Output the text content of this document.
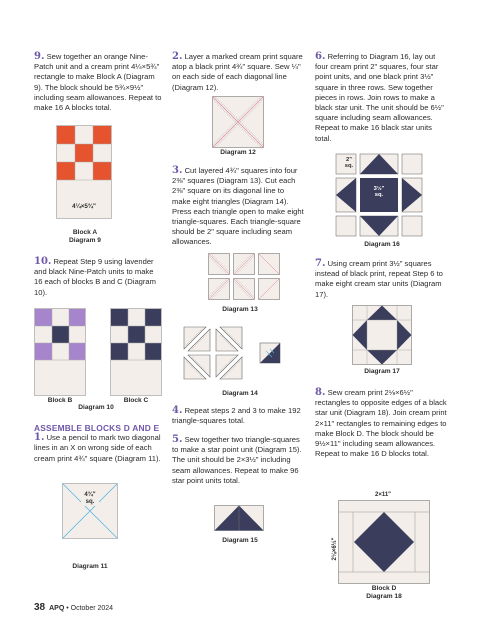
9. Sew together an orange Nine-Patch unit and a cream print 4¼×5¾" rectangle to make Block A (Diagram 9). The block should be 5¾×9½" including seam allowances. Repeat to make 16 A blocks total.

4¼×5¾"
Block A
Diagram 9

10. Repeat Step 9 using lavender and black Nine-Patch units to make 16 each of blocks B and C (Diagram 10).

Block B	Block C
Diagram 10

ASSEMBLE BLOCKS D AND E

1. Use a pencil to mark two diagonal lines in an X on wrong side of each cream print 4¾" square (Diagram 11).

4¾"
sq.
Diagram 11

2. Layer a marked cream print square atop a black print 4¾" square. Sew ¼" on each side of each diagonal line (Diagram 12).

Diagram 12

3. Cut layered 4¾" squares into four 2⅜" squares (Diagram 13). Cut each 2⅜" square on its diagonal line to make eight triangles (Diagram 14). Press each triangle open to make eight triangle-squares. Each triangle-square should be 2" square including seam allowances.

Diagram 13
Diagram 14

4. Repeat steps 2 and 3 to make 192 triangle-squares total.

5. Sew together two triangle-squares to make a star point unit (Diagram 15). The unit should be 2×3½" including seam allowances. Repeat to make 96 star point units total.

Diagram 15

6. Referring to Diagram 16, lay out four cream print 2" squares, four star point units, and one black print 3½" square in three rows. Sew together pieces in rows. Join rows to make a black star unit. The unit should be 6½" square including seam allowances. Repeat to make 16 black star units total.

2"
sq.
3½"
sq.
Diagram 16

7. Using cream print 3½" squares instead of black print, repeat Step 6 to make eight cream star units (Diagram 17).

Diagram 17

8. Sew cream print 2⅛×6½" rectangles to opposite edges of a black star unit (Diagram 18). Join cream print 2×11" rectangles to remaining edges to make Block D. The block should be 9½×11" including seam allowances. Repeat to make 16 D blocks total.

2×11"
2⅛×6½"
Block D
Diagram 18
38 APQ • October 2024
